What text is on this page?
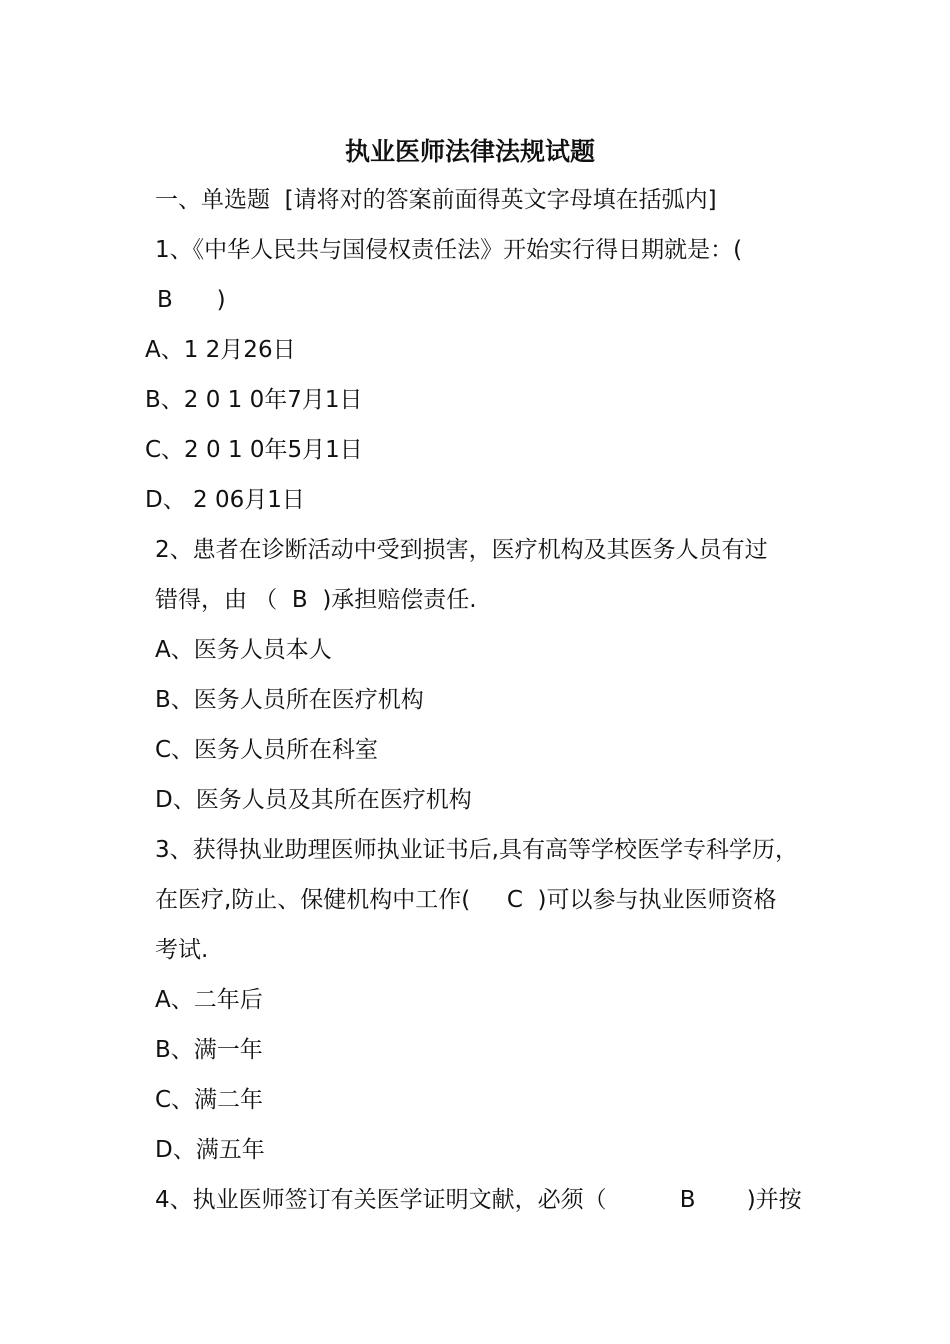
执业医师法律法规试题
一、单选题  [请将对的答案前面得英文字母填在括弧内]
1、《中华人民共与国侵权责任法》开始实行得日期就是：(
B      )
A、1 2月26日
B、2 0 1 0年7月1日
C、2 0 1 0年5月1日
D、 2 06月1日
2、患者在诊断活动中受到损害，医疗机构及其医务人员有过
错得，由 （  B  )承担赔偿责任.
A、医务人员本人
B、医务人员所在医疗机构
C、医务人员所在科室
D、医务人员及其所在医疗机构
3、获得执业助理医师执业证书后,具有高等学校医学专科学历，
在医疗,防止、保健机构中工作(     C  )可以参与执业医师资格
考试.
A、二年后
B、满一年
C、满二年
D、满五年
4、执业医师签订有关医学证明文献，必须（          B       )并按
